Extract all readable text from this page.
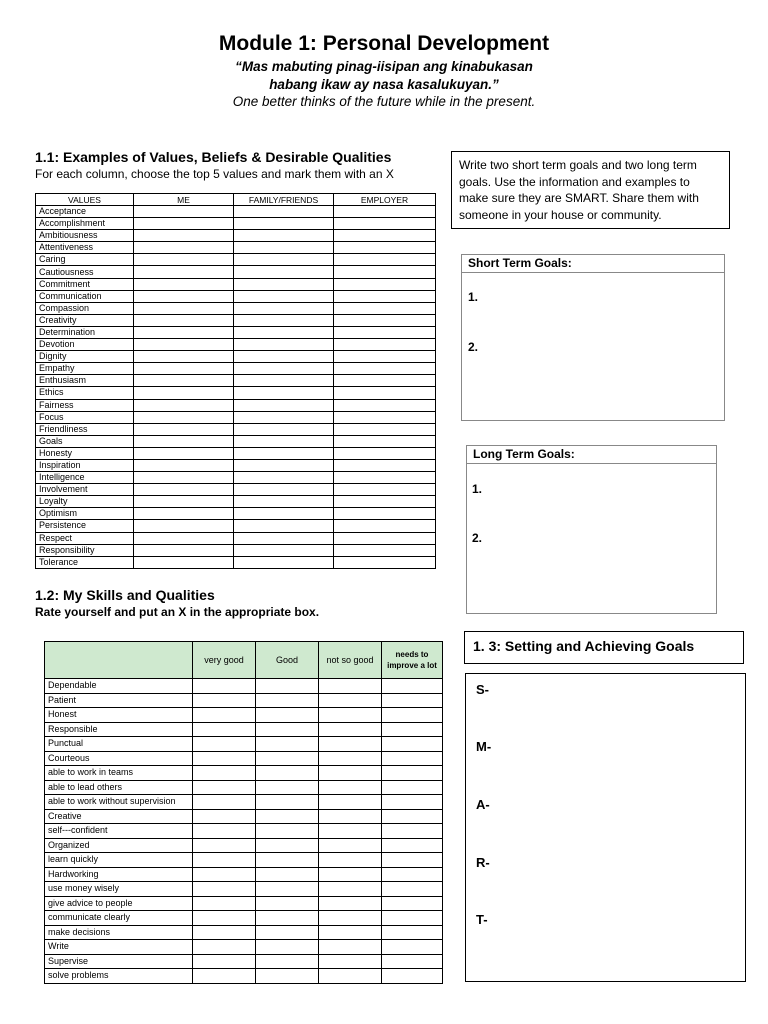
Module 1: Personal Development
“Mas mabuting pinag-iisipan ang kinabukasan
habang ikaw ay nasa kasalukuyan.”
One better thinks of the future while in the present.
1.1: Examples of Values, Beliefs & Desirable Qualities
For each column, choose the top 5 values and mark them with an X
VALUES	ME	FAMILY/FRIENDS	EMPLOYER
Acceptance			
Accomplishment			
Ambitiousness			
Attentiveness			
Caring			
Cautiousness			
Commitment			
Communication			
Compassion			
Creativity			
Determination			
Devotion			
Dignity			
Empathy			
Enthusiasm			
Ethics			
Fairness			
Focus			
Friendliness			
Goals			
Honesty			
Inspiration			
Intelligence			
Involvement			
Loyalty			
Optimism			
Persistence			
Respect			
Responsibility			
Tolerance			
1.2: My Skills and Qualities
Rate yourself and put an X in the appropriate box.
	very good	Good	not so good	needs to improve a lot
Dependable				
Patient				
Honest				
Responsible				
Punctual				
Courteous				
able to work in teams				
able to lead others				
able to work without supervision				
Creative				
self---confident				
Organized				
learn quickly				
Hardworking				
use money wisely				
give advice to people				
communicate clearly				
make decisions				
Write				
Supervise				
solve problems				
Write two short term goals and two long term goals. Use the information and examples to make sure they are SMART. Share them with someone in your house or community.
Short Term Goals:
1.
2.
Long Term Goals:
1.
2.
1. 3: Setting and Achieving Goals
S-
M-
A-
R-
T-
